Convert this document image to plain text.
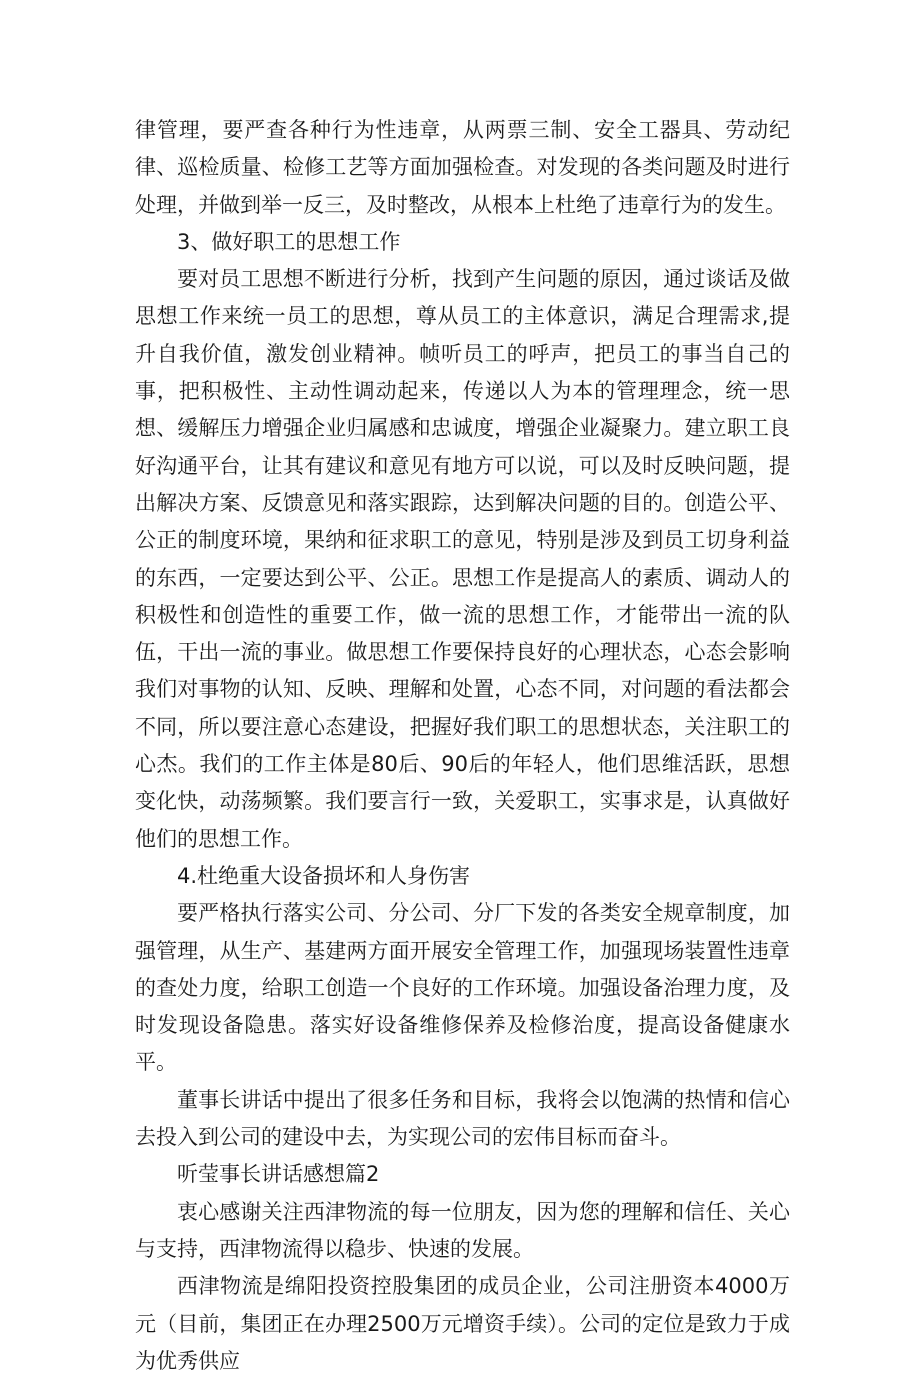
律管理，要严查各种行为性违章，从两票三制、安全工器具、劳动纪律、巡检质量、检修工艺等方面加强检查。对发现的各类问题及时进行处理，并做到举一反三，及时整改，从根本上杜绝了违章行为的发生。

3、做好职工的思想工作

要对员工思想不断进行分析，找到产生问题的原因，通过谈话及做思想工作来统一员工的思想，尊从员工的主体意识，满足合理需求,提升自我价值，激发创业精神。帧听员工的呼声，把员工的事当自己的事，把积极性、主动性调动起来，传递以人为本的管理理念，统一思想、缓解压力增强企业归属感和忠诚度，增强企业凝聚力。建立职工良好沟通平台，让其有建议和意见有地方可以说，可以及时反映问题，提出解决方案、反馈意见和落实跟踪，达到解决问题的目的。创造公平、公正的制度环境，果纳和征求职工的意见，特别是涉及到员工切身利益的东西，一定要达到公平、公正。思想工作是提高人的素质、调动人的积极性和创造性的重要工作，做一流的思想工作，才能带出一流的队伍，干出一流的事业。做思想工作要保持良好的心理状态，心态会影响我们对事物的认知、反映、理解和处置，心态不同，对问题的看法都会不同，所以要注意心态建设，把握好我们职工的思想状态，关注职工的心杰。我们的工作主体是80后、90后的年轻人，他们思维活跃，思想变化快，动荡频繁。我们要言行一致，关爱职工，实事求是，认真做好他们的思想工作。

4.杜绝重大设备损坏和人身伤害

要严格执行落实公司、分公司、分厂下发的各类安全规章制度，加强管理，从生产、基建两方面开展安全管理工作，加强现场装置性违章的查处力度，给职工创造一个良好的工作环境。加强设备治理力度，及时发现设备隐患。落实好设备维修保养及检修治度，提高设备健康水平。

董事长讲话中提出了很多任务和目标，我将会以饱满的热情和信心去投入到公司的建设中去，为实现公司的宏伟目标而奋斗。

听莹事长讲话感想篇2

衷心感谢关注西津物流的每一位朋友，因为您的理解和信任、关心与支持，西津物流得以稳步、快速的发展。

西津物流是绵阳投资控股集团的成员企业，公司注册资本4000万元（目前，集团正在办理2500万元增资手续）。公司的定位是致力于成为优秀供应
